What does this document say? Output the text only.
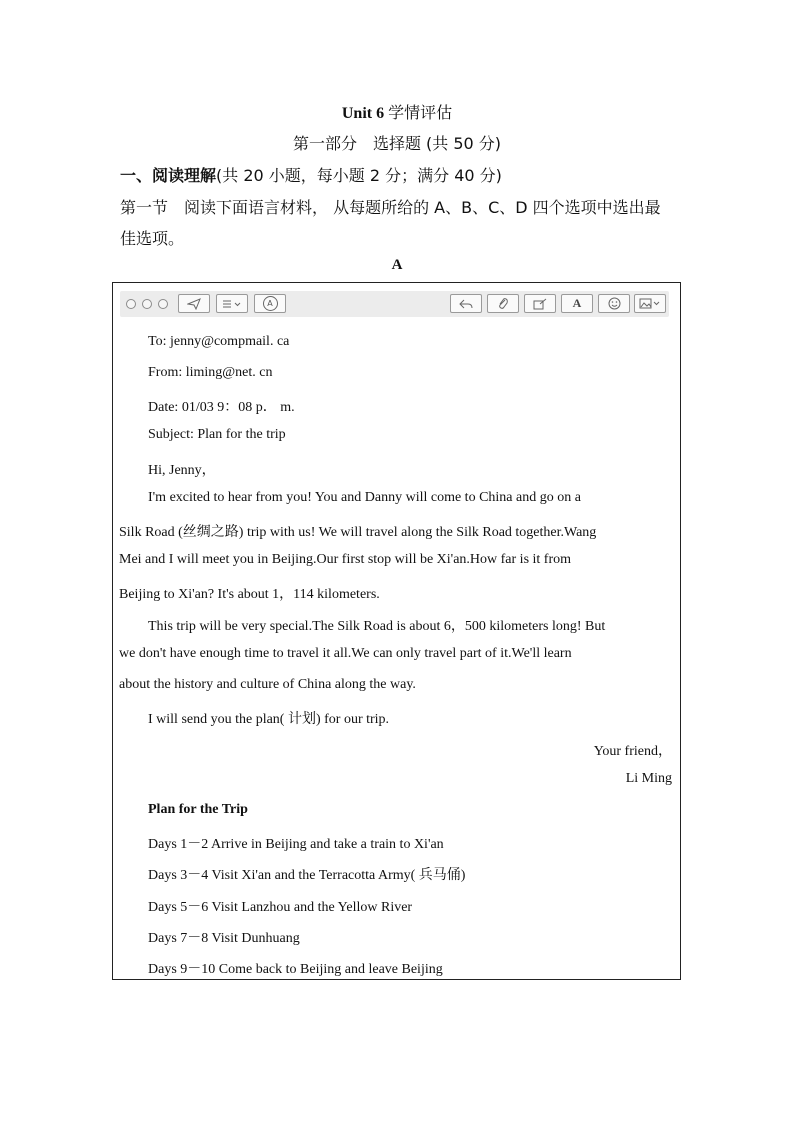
Unit 6 学情评估
第一部分　选择题 (共 50 分)
一、阅读理解(共 20 小题，每小题 2 分；满分 40 分)
第一节　阅读下面语言材料， 从每题所给的 A、B、C、D 四个选项中选出最
佳选项。
A
A	A
To: jenny@compmail. ca
From: liming@net. cn
Date: 01/03 9：08 p． m.
Subject: Plan for the trip
Hi, Jenny，
I'm excited to hear from you! You and Danny will come to China and go on a
Silk Road (丝绸之路) trip with us! We will travel along the Silk Road together.Wang
Mei and I will meet you in Beijing.Our first stop will be Xi'an.How far is it from
Beijing to Xi'an? It's about 1，114 kilometers.
This trip will be very special.The Silk Road is about 6，500 kilometers long! But
we don't have enough time to travel it all.We can only travel part of it.We'll learn
about the history and culture of China along the way.
I will send you the plan( 计划) for our trip.
Your friend，
Li Ming
Plan for the Trip
Days 1－2 Arrive in Beijing and take a train to Xi'an
Days 3－4 Visit Xi'an and the Terracotta Army( 兵马俑)
Days 5－6 Visit Lanzhou and the Yellow River
Days 7－8 Visit Dunhuang
Days 9－10 Come back to Beijing and leave Beijing
